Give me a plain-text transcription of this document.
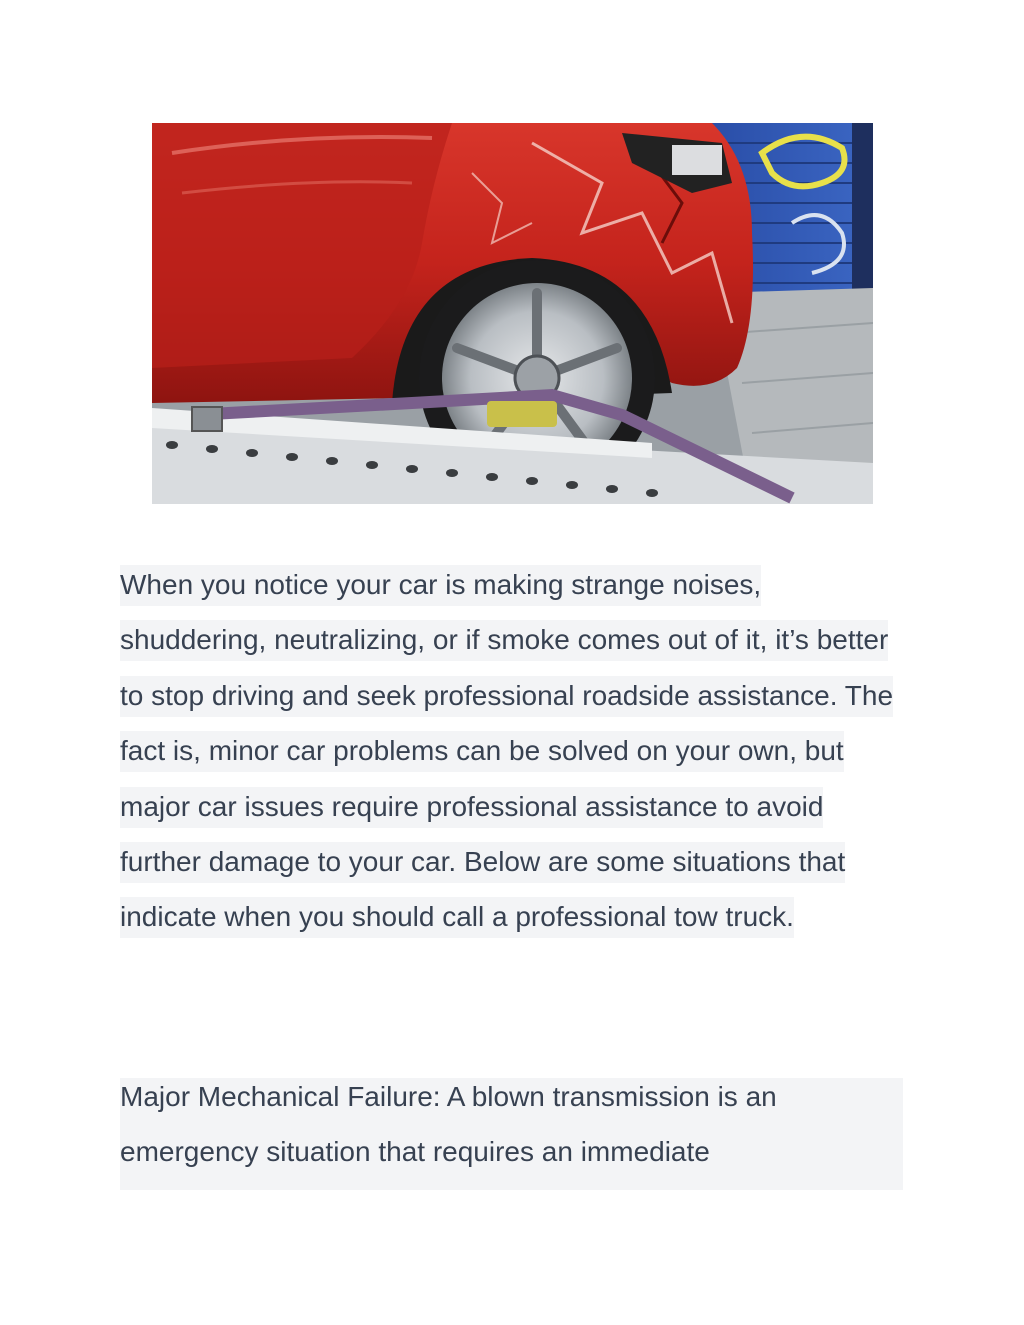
When you notice your car is making strange noises, shuddering, neutralizing, or if smoke comes out of it, it’s better to stop driving and seek professional roadside assistance. The fact is, minor car problems can be solved on your own, but major car issues require professional assistance to avoid further damage to your car. Below are some situations that indicate when you should call a professional tow truck.

Major Mechanical Failure: A blown transmission is an emergency situation that requires an immediate
